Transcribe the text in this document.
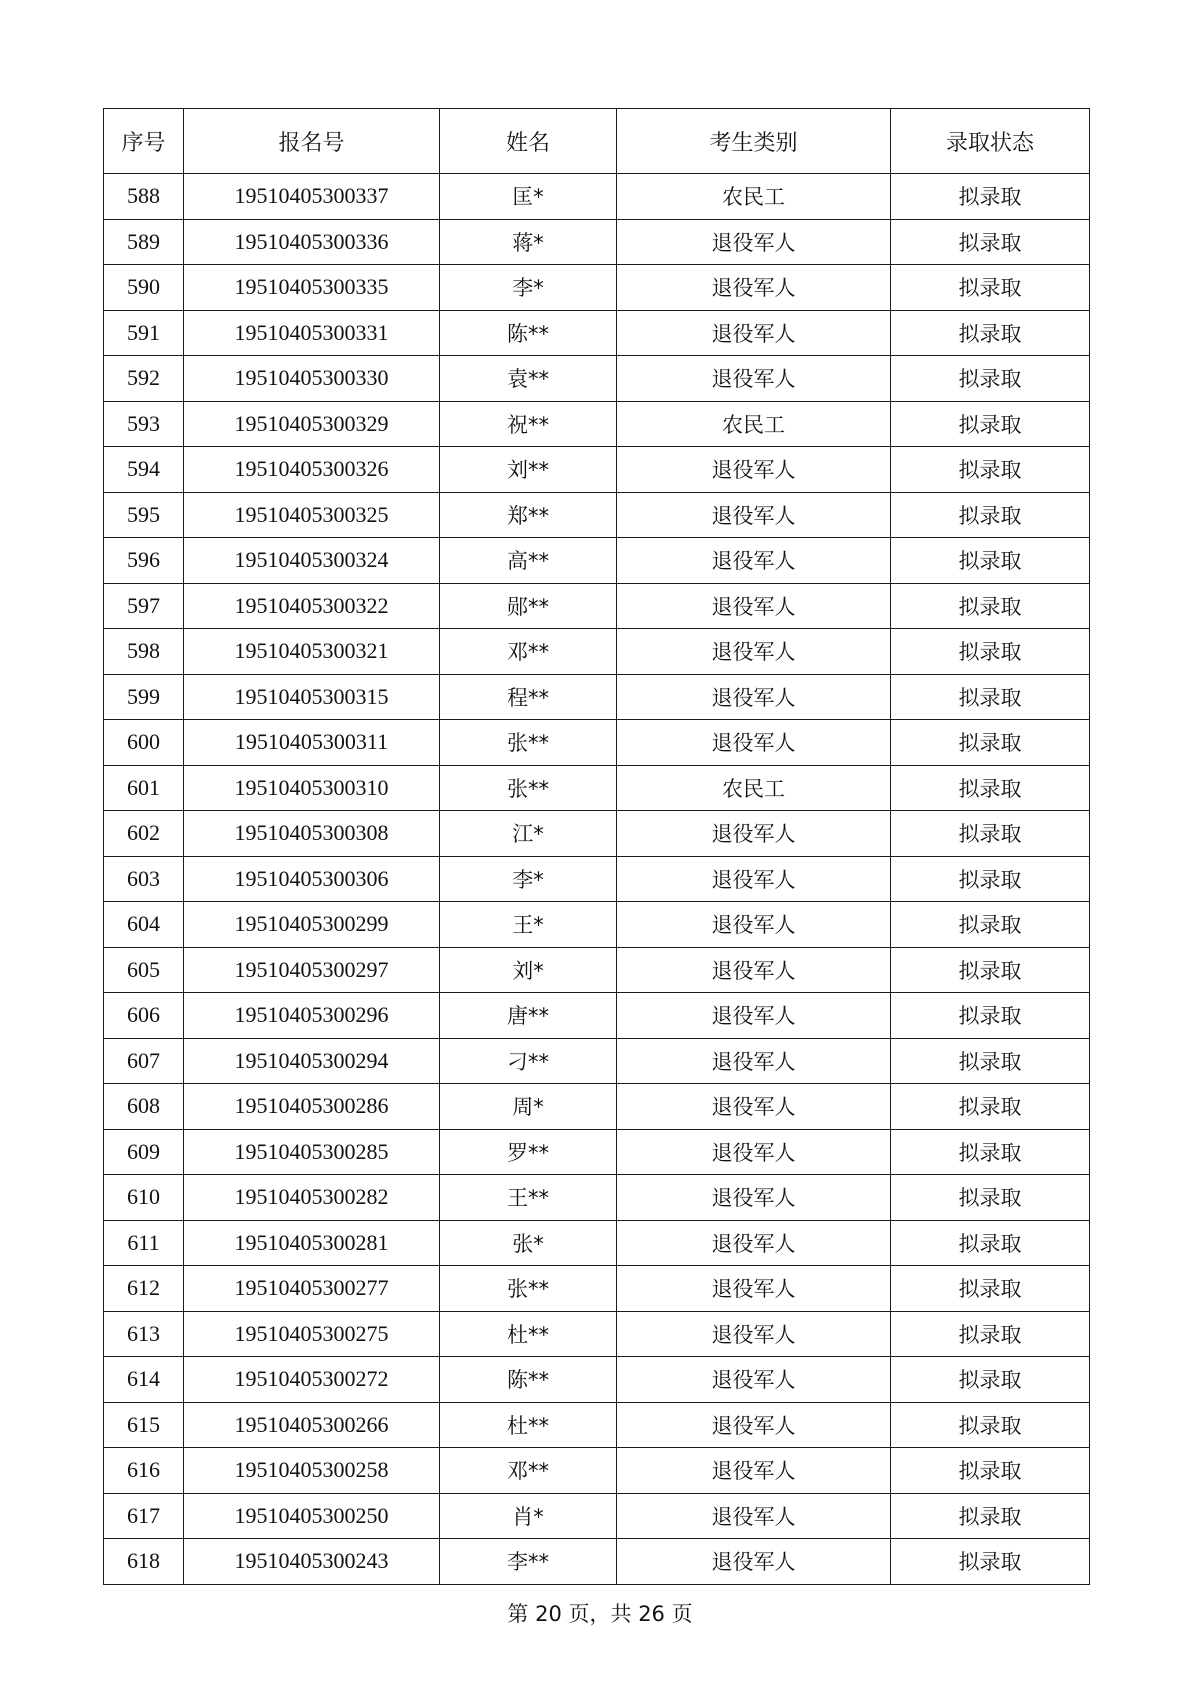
序号	报名号	姓名	考生类别	录取状态
588	19510405300337	匡*	农民工	拟录取
589	19510405300336	蒋*	退役军人	拟录取
590	19510405300335	李*	退役军人	拟录取
591	19510405300331	陈**	退役军人	拟录取
592	19510405300330	袁**	退役军人	拟录取
593	19510405300329	祝**	农民工	拟录取
594	19510405300326	刘**	退役军人	拟录取
595	19510405300325	郑**	退役军人	拟录取
596	19510405300324	高**	退役军人	拟录取
597	19510405300322	郧**	退役军人	拟录取
598	19510405300321	邓**	退役军人	拟录取
599	19510405300315	程**	退役军人	拟录取
600	19510405300311	张**	退役军人	拟录取
601	19510405300310	张**	农民工	拟录取
602	19510405300308	江*	退役军人	拟录取
603	19510405300306	李*	退役军人	拟录取
604	19510405300299	王*	退役军人	拟录取
605	19510405300297	刘*	退役军人	拟录取
606	19510405300296	唐**	退役军人	拟录取
607	19510405300294	刁**	退役军人	拟录取
608	19510405300286	周*	退役军人	拟录取
609	19510405300285	罗**	退役军人	拟录取
610	19510405300282	王**	退役军人	拟录取
611	19510405300281	张*	退役军人	拟录取
612	19510405300277	张**	退役军人	拟录取
613	19510405300275	杜**	退役军人	拟录取
614	19510405300272	陈**	退役军人	拟录取
615	19510405300266	杜**	退役军人	拟录取
616	19510405300258	邓**	退役军人	拟录取
617	19510405300250	肖*	退役军人	拟录取
618	19510405300243	李**	退役军人	拟录取
第 20 页，共 26 页
